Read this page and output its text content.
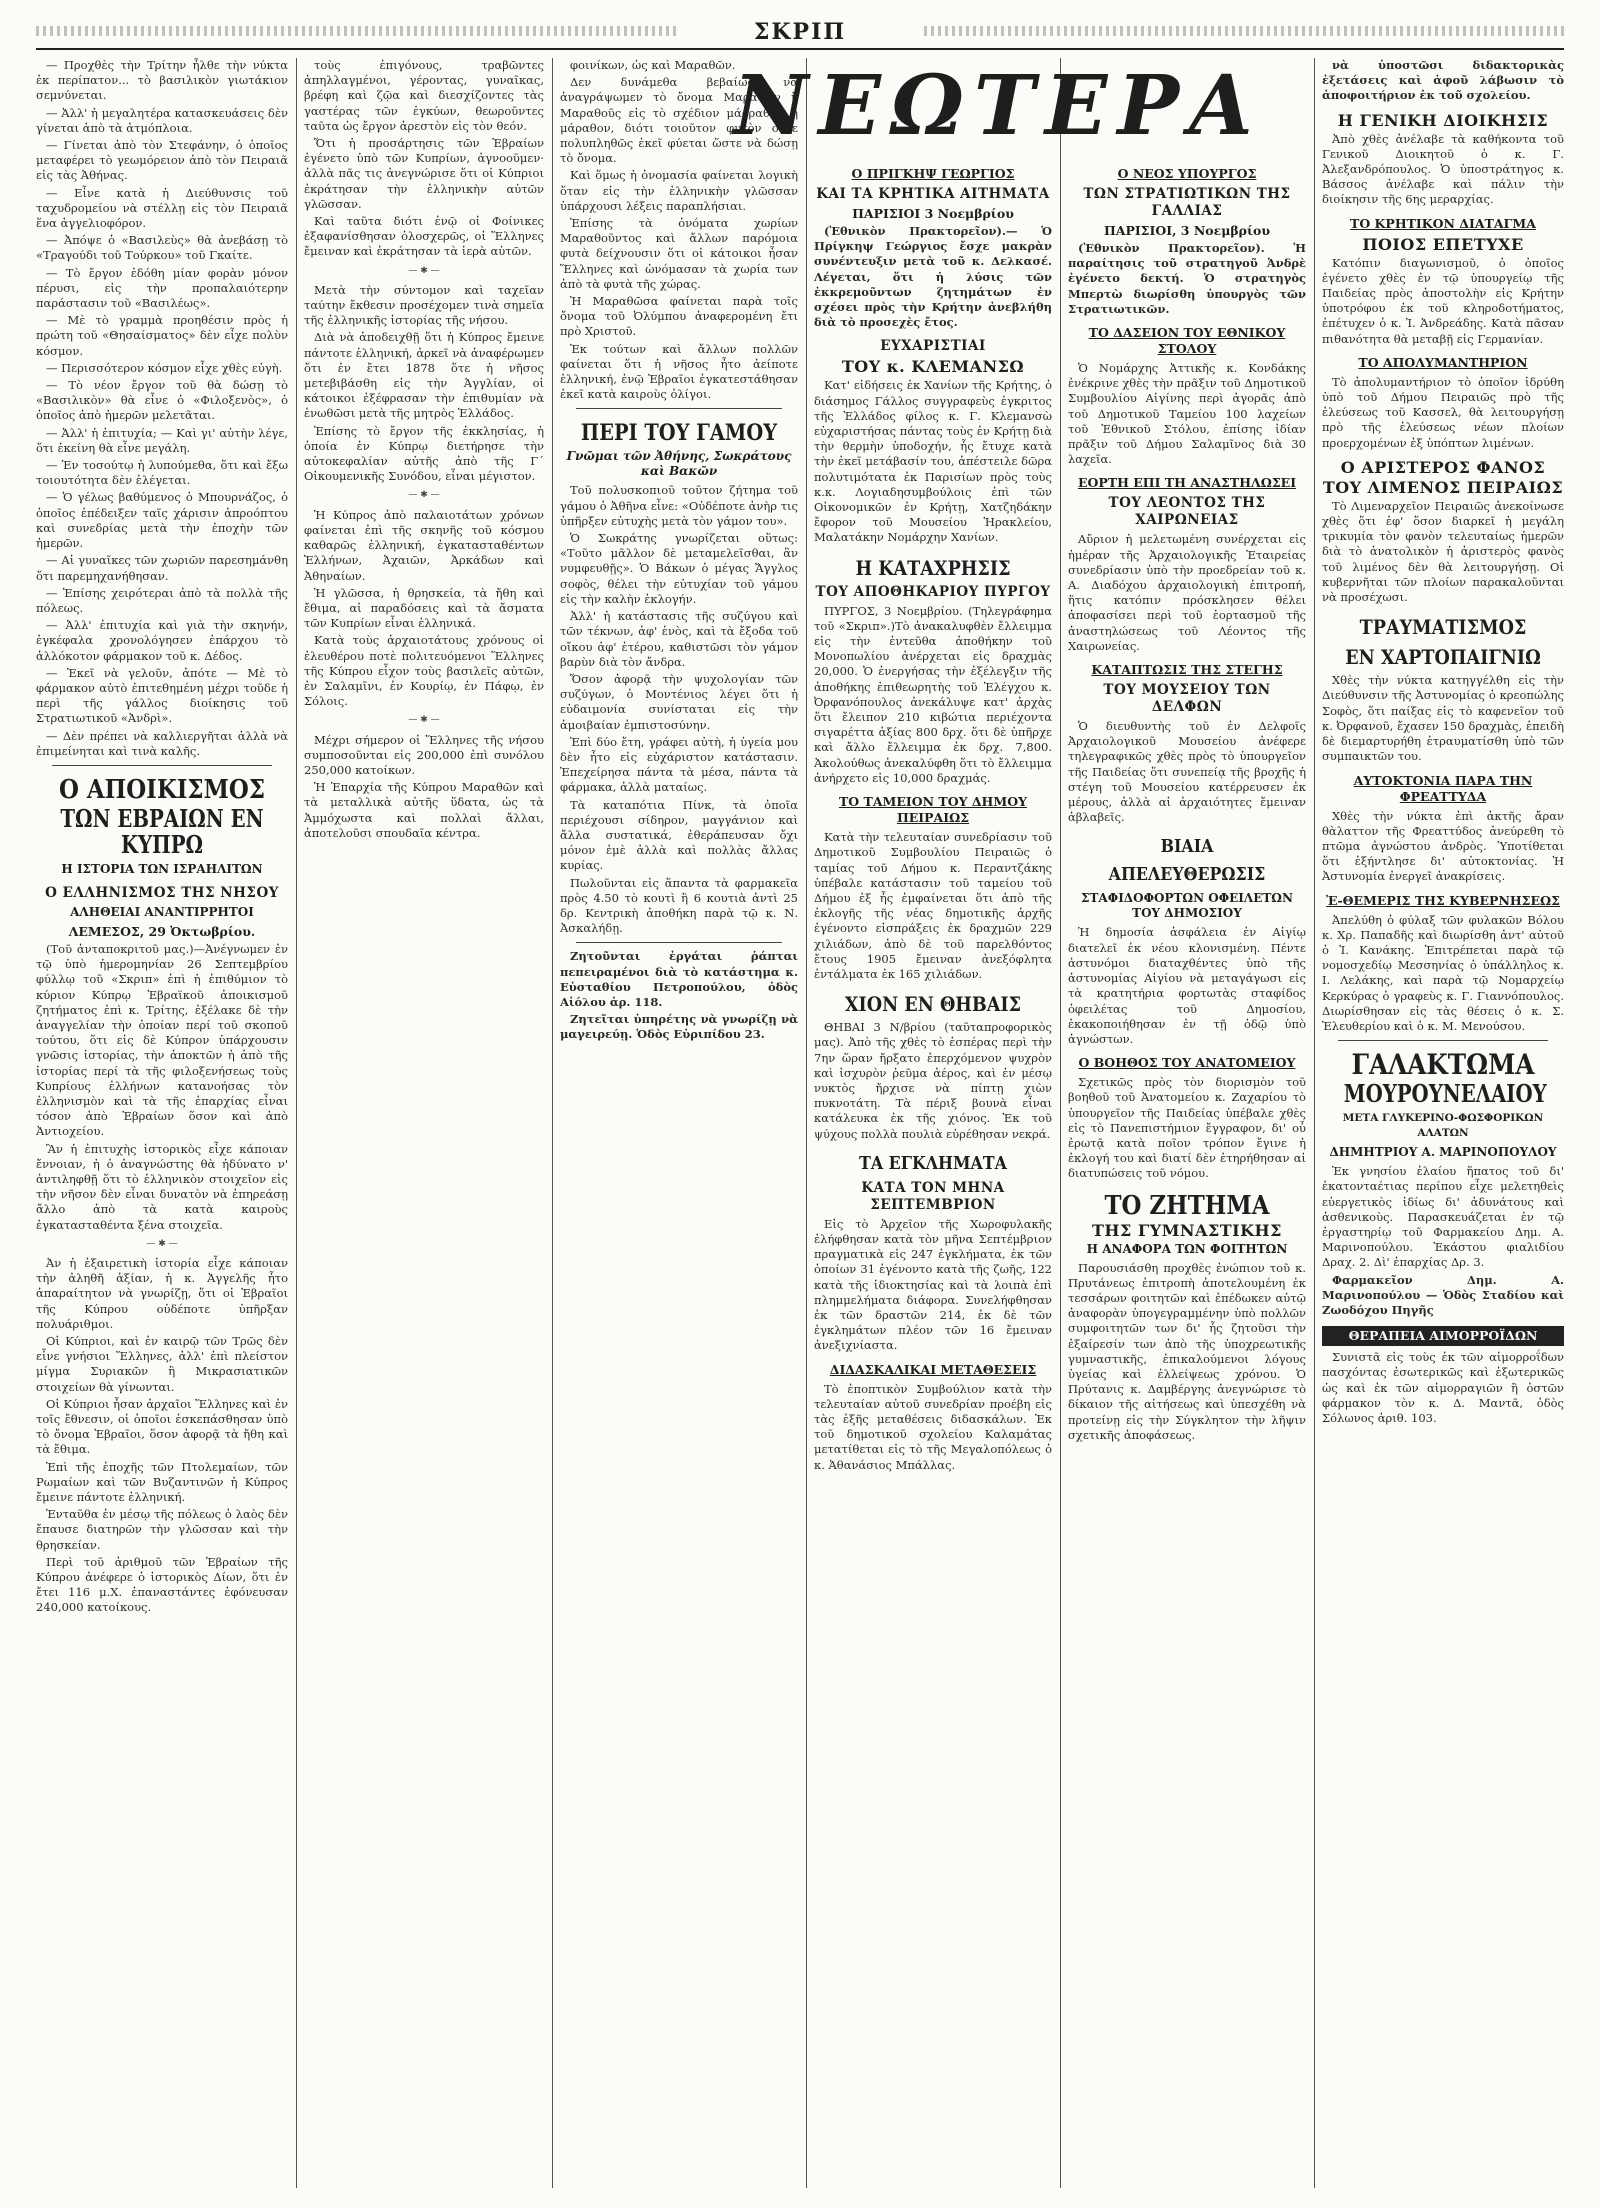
ΣΚΡΙΠ

— Προχθὲς τὴν Τρίτην ἦλθε τὴν νύκτα ἐκ περίπατον... τὸ βασιλικὸν γιωτάκιον σεμνύνεται.

— Ἀλλ' ἡ μεγαλητέρα κατασκευάσεις δὲν γίνεται ἀπὸ τὰ ἀτμόπλοια.

— Γίνεται ἀπὸ τὸν Στεφάνην, ὁ ὁποῖος μεταφέρει τὸ γεωμόρειον ἀπὸ τὸν Πειραιᾶ εἰς τὰς Ἀθήνας.

— Εἶνε κατὰ ἡ Διεύθυνσις τοῦ ταχυδρομείου νὰ στέλλῃ εἰς τὸν Πειραιᾶ ἕνα ἀγγελιοφόρον.

— Ἀπόψε ὁ «Βασιλεὺς» θὰ ἀνεβάσῃ τὸ «Τραγούδι τοῦ Τούρκου» τοῦ Γκαίτε.

— Τὸ ἔργον ἐδόθη μίαν φορὰν μόνον πέρυσι, εἰς τὴν προπαλαιότερην παράστασιν τοῦ «Βασιλέως».

— Μὲ τὸ γραμμὰ προηθέσιν πρὸς ἡ πρώτη τοῦ «Θησαίσματος» δὲν εἶχε πολὺν κόσμον.

— Περισσότερον κόσμον εἶχε χθὲς εὐγὴ.

— Τὸ νέον ἔργον τοῦ θὰ δώσῃ τὸ «Βασιλικὸν» θὰ εἶνε ὁ «Φιλοξενὸς», ὁ ὁποῖος ἀπὸ ἡμερῶν μελετᾶται.

— Ἀλλ' ἡ ἐπιτυχία; — Καὶ γι' αὐτὴν λέγε, ὅτι ἐκείνη θὰ εἶνε μεγάλη.

— Ἐν τοσούτῳ ἡ λυπούμεθα, ὅτι καὶ ἔξω τοιουτότητα δὲν ἐλέγεται.

— Ὁ γέλως βαθύμενος ὁ Μπουρνάζος, ὁ ὁποῖος ἐπέδειξεν ταῖς χάρισιν ἀπροόπτου καὶ συνεδρίας μετὰ τὴν ἐποχὴν τῶν ἡμερῶν.

— Αἱ γυναῖκες τῶν χωριῶν παρεσημάνθη ὅτι παρεμηχανήθησαν.

— Ἐπίσης χειρότεραι ἀπὸ τὰ πολλὰ τῆς πόλεως.

— Ἀλλ' ἐπιτυχία καὶ γιὰ τὴν σκηνήν, ἐγκέφαλα χρονολόγησεν ἐπάρχου τὸ ἀλλόκοτον φάρμακον τοῦ κ. Δέδος.

— Ἐκεῖ νὰ γελοῦν, ἀπότε — Μὲ τὸ φάρμακον αὐτὸ ἐπιτεθημένη μέχρι τοῦδε ἡ περὶ τῆς γάλλος διοίκησις τοῦ Στρατιωτικοῦ «Ἀνδρὶ».

— Δὲν πρέπει νὰ καλλιεργῆται ἀλλὰ νὰ ἐπιμείνηται καὶ τινὰ καλῆς.

Ο ΑΠΟΙΚΙΣΜΟΣ
ΤΩΝ ΕΒΡΑΙΩΝ ΕΝ ΚΥΠΡΩ
Η ΙΣΤΟΡΙΑ ΤΩΝ ΙΣΡΑΗΛΙΤΩΝ
Ο ΕΛΛΗΝΙΣΜΟΣ ΤΗΣ ΝΗΣΟΥ
ΑΛΗΘΕΙΑΙ ΑΝΑΝΤΙΡΡΗΤΟΙ
ΛΕΜΕΣΟΣ, 29 Ὀκτωβρίου.

(Τοῦ ἀνταποκριτοῦ μας.)—Ἀνέγνωμεν ἐν τῷ ὑπὸ ἡμερομηνίαν 26 Σεπτεμβρίου φύλλῳ τοῦ «Σκριπ» ἐπὶ ἡ ἐπιθύμιον τὸ κύριον Κύπρῳ Ἑβραϊκοῦ ἀποικισμοῦ ζητήματος ἐπὶ κ. Τρίτης, ἐξέλακε δὲ τὴν ἀναγγελίαν τὴν ὁποίαν περί τοῦ σκοποῦ τούτου, ὅτι εἰς δὲ Κύπρον ὑπάρχουσιν γνῶσις ἱστορίας, τὴν ἀποκτῶν ἡ ἀπὸ τῆς ἱστορίας περί τὰ τῆς φιλοξενήσεως τοὺς Κυπρίους ἐλλήνων κατανοήσας τὸν ἐλληνισμὸν καὶ τὰ τῆς ἐπαρχίας εἶναι τόσον ἀπὸ Ἑβραίων ὅσον καὶ ἀπὸ Ἀντιοχείου.

Ἂν ἡ ἐπιτυχὴς ἱστορικὸς εἶχε κάποιαν ἔννοιαν, ἡ ὁ ἀναγνώστης θὰ ἠδύνατο ν' ἀντιληφθῇ ὅτι τὸ ἐλληνικὸν στοιχεῖον εἰς τὴν νῆσον δὲν εἶναι δυνατὸν νὰ ἐπηρεάσῃ ἄλλο ἀπὸ τὰ κατὰ καιροὺς ἐγκατασταθέντα ξένα στοιχεῖα.

— ✱ —

Ἀν ἡ ἐξαιρετικὴ ἱστορία εἶχε κάποιαν τὴν ἀληθῆ ἀξίαν, ἡ κ. Ἀγγελῆς ἦτο ἀπαραίτητον νὰ γνωρίζῃ, ὅτι οἱ Ἑβραῖοι τῆς Κύπρου οὐδέποτε ὑπῆρξαν πολυάριθμοι.

Οἱ Κύπριοι, καὶ ἐν καιρῷ τῶν Τρῶς δὲν εἶνε γνήσιοι Ἕλληνες, ἀλλ' ἐπὶ πλείστον μίγμα Συριακῶν ἢ Μικρασιατικῶν στοιχείων θὰ γίνωνται.

Οἱ Κύπριοι ἦσαν ἀρχαῖοι Ἕλληνες καὶ ἐν τοῖς ἔθνεσιν, οἱ ὁποῖοι ἐσκεπάσθησαν ὑπὸ τὸ ὄνομα Ἑβραῖοι, ὅσον ἀφορᾷ τὰ ἤθη καὶ τὰ ἔθιμα.

Ἐπὶ τῆς ἐποχῆς τῶν Πτολεμαίων, τῶν Ρωμαίων καὶ τῶν Βυζαντινῶν ἡ Κύπρος ἔμεινε πάντοτε ἑλληνική.

Ἐνταῦθα ἐν μέσῳ τῆς πόλεως ὁ λαὸς δὲν ἔπαυσε διατηρῶν τὴν γλῶσσαν καὶ τὴν θρησκείαν.

Περὶ τοῦ ἀριθμοῦ τῶν Ἑβραίων τῆς Κύπρου ἀνέφερε ὁ ἱστορικὸς Δίων, ὅτι ἐν ἔτει 116 μ.Χ. ἐπαναστάντες ἐφόνευσαν 240,000 κατοίκους.

τοὺς ἐπιγόνους, τραβῶντες ἀπηλλαγμένοι, γέροντας, γυναῖκας, βρέφη καὶ ζῷα καὶ διεσχίζοντες τὰς γαστέρας τῶν ἐγκύων, θεωροῦντες ταῦτα ὡς ἔργον ἀρεστὸν εἰς τὸν θεόν.

Ὅτι ἡ προσάρτησις τῶν Ἑβραίων ἐγένετο ὑπὸ τῶν Κυπρίων, ἀγνοοῦμεν· ἀλλὰ πᾶς τις ἀνεγνώρισε ὅτι οἱ Κύπριοι ἐκράτησαν τὴν ἑλληνικὴν αὐτῶν γλῶσσαν.

Καὶ ταῦτα διότι ἐνῷ οἱ Φοίνικες ἐξαφανίσθησαν ὁλοσχερῶς, οἱ Ἕλληνες ἔμειναν καὶ ἐκράτησαν τὰ ἱερὰ αὐτῶν.

— ✱ —

Μετὰ τὴν σύντομον καὶ ταχεῖαν ταύτην ἔκθεσιν προσέχομεν τινὰ σημεῖα τῆς ἐλληνικῆς ἱστορίας τῆς νήσου.

Διὰ νὰ ἀποδειχθῇ ὅτι ἡ Κύπρος ἔμεινε πάντοτε ἑλληνική, ἀρκεῖ νὰ ἀναφέρωμεν ὅτι ἐν ἔτει 1878 ὅτε ἡ νῆσος μετεβιβάσθη εἰς τὴν Ἀγγλίαν, οἱ κάτοικοι ἐξέφρασαν τὴν ἐπιθυμίαν νὰ ἑνωθῶσι μετὰ τῆς μητρὸς Ἑλλάδος.

Ἐπίσης τὸ ἔργον τῆς ἐκκλησίας, ἡ ὁποία ἐν Κύπρῳ διετήρησε τὴν αὐτοκεφαλίαν αὐτῆς ἀπὸ τῆς Γ΄ Οἰκουμενικῆς Συνόδου, εἶναι μέγιστον.

— ✱ —

Ἡ Κύπρος ἀπὸ παλαιοτάτων χρόνων φαίνεται ἐπὶ τῆς σκηνῆς τοῦ κόσμου καθαρῶς ἑλληνική, ἐγκατασταθέντων Ἑλλήνων, Ἀχαιῶν, Ἀρκάδων καὶ Ἀθηναίων.

Ἡ γλῶσσα, ἡ θρησκεία, τὰ ἤθη καὶ ἔθιμα, αἱ παραδόσεις καὶ τὰ ἄσματα τῶν Κυπρίων εἶναι ἑλληνικά.

Κατὰ τοὺς ἀρχαιοτάτους χρόνους οἱ ἐλευθέρου ποτὲ πολιτευόμενοι Ἕλληνες τῆς Κύπρου εἶχον τοὺς βασιλεῖς αὐτῶν, ἐν Σαλαμῖνι, ἐν Κουρίῳ, ἐν Πάφῳ, ἐν Σόλοις.

— ✱ —

Μέχρι σήμερον οἱ Ἕλληνες τῆς νήσου συμποσοῦνται εἰς 200,000 ἐπὶ συνόλου 250,000 κατοίκων.

Ἡ Ἐπαρχία τῆς Κύπρου Μαραθῶν καὶ τὰ μεταλλικὰ αὐτῆς ὕδατα, ὡς τὰ Ἀμμόχωστα καὶ πολλαὶ ἄλλαι, ἀποτελοῦσι σπουδαῖα κέντρα.

φοινίκων, ὡς καὶ Μαραθῶν.

Δεν δυνάμεθα βεβαίως νὰ ἀναγράψωμεν τὸ ὄνομα Μαραθὼν ἢ Μαραθοῦς εἰς τὸ σχέδιον μάρραθον ἢ μάραθον, διότι τοιοῦτον φυτὸν οὔτε πολυπληθῶς ἐκεῖ φύεται ὥστε νὰ δώσῃ τὸ ὄνομα.

Καὶ ὅμως ἡ ὀνομασία φαίνεται λογικὴ ὅταν εἰς τὴν ἑλληνικὴν γλῶσσαν ὑπάρχουσι λέξεις παραπλήσιαι.

Ἐπίσης τὰ ὀνόματα χωρίων Μαραθοῦντος καὶ ἄλλων παρόμοια φυτὰ δείχνουσιν ὅτι οἱ κάτοικοι ἦσαν Ἕλληνες καὶ ὠνόμασαν τὰ χωρία των ἀπὸ τὰ φυτὰ τῆς χώρας.

Ἡ Μαραθῶσα φαίνεται παρὰ τοῖς ὄνομα τοῦ Ὀλύμπου ἀναφερομένη ἔτι πρὸ Χριστοῦ.

Ἐκ τούτων καὶ ἄλλων πολλῶν φαίνεται ὅτι ἡ νῆσος ἦτο ἀείποτε ἑλληνική, ἐνῷ Ἑβραῖοι ἐγκατεστάθησαν ἐκεῖ κατὰ καιροὺς ὀλίγοι.

ΠΕΡΙ ΤΟΥ ΓΑΜΟΥ
Γνῶμαι τῶν Ἀθήνης, Σωκράτους καὶ Βακῶν

Τοῦ πολυσκοπιοῦ τοῦτον ζήτημα τοῦ γάμου ὁ Ἀθῆνα εἶνε: «Οὐδέποτε ἀνὴρ τις ὑπῆρξεν εὐτυχὴς μετὰ τὸν γάμον του».

Ὁ Σωκράτης γνωρίζεται οὕτως: «Τοῦτο μᾶλλον δὲ μεταμελεῖσθαι, ἂν νυμφευθῇς». Ὁ Βάκων ὁ μέγας Ἄγγλος σοφὸς, θέλει τὴν εὐτυχίαν τοῦ γάμου εἰς τὴν καλὴν ἐκλογήν.

Ἀλλ' ἡ κατάστασις τῆς συζύγου καὶ τῶν τέκνων, ἀφ' ἑνὸς, καὶ τὰ ἔξοδα τοῦ οἴκου ἀφ' ἑτέρου, καθιστῶσι τὸν γάμον βαρὺν διὰ τὸν ἄνδρα.

Ὅσον ἀφορᾷ τὴν ψυχολογίαν τῶν συζύγων, ὁ Μοντένιος λέγει ὅτι ἡ εὐδαιμονία συνίσταται εἰς τὴν ἀμοιβαίαν ἐμπιστοσύνην.

Ἐπὶ δύο ἔτη, γράφει αὐτὴ, ἡ ὑγεία μου δὲν ἦτο εἰς εὐχάριστον κατάστασιν. Ἐπεχείρησα πάντα τὰ μέσα, πάντα τὰ φάρμακα, ἀλλὰ ματαίως.

Τὰ καταπότια Πίνκ, τὰ ὁποῖα περιέχουσι σίδηρον, μαγγάνιον καὶ ἄλλα συστατικά, ἐθεράπευσαν ὄχι μόνον ἐμὲ ἀλλὰ καὶ πολλὰς ἄλλας κυρίας.

Πωλοῦνται εἰς ἅπαντα τὰ φαρμακεῖα πρὸς 4.50 τὸ κουτὶ ἢ 6 κουτιὰ ἀντὶ 25 δρ. Κεντρικὴ ἀποθήκη παρὰ τῷ κ. Ν. Ἀσκαλήδῃ.

Ζητοῦνται ἐργάται ῥάπται πεπειραμένοι διὰ τὸ κατάστημα κ. Εὐσταθίου Πετροπούλου, ὁδὸς Αἰόλου ἀρ. 118.

Ζητεῖται ὑπηρέτης νὰ γνωρίζῃ νὰ μαγειρεύῃ. Ὁδὸς Εὐριπίδου 23.

ΝΕΩΤΕΡΑ
Ο ΠΡΙΓΚΗΨ ΓΕΩΡΓΙΟΣ
ΚΑΙ ΤΑ ΚΡΗΤΙΚΑ ΑΙΤΗΜΑΤΑ
ΠΑΡΙΣΙΟΙ 3 Νοεμβρίου

(Ἐθνικὸν Πρακτορεῖον).— Ὁ Πρίγκηψ Γεώργιος ἔσχε μακρὰν συνέντευξιν μετὰ τοῦ κ. Δελκασέ. Λέγεται, ὅτι ἡ λύσις τῶν ἐκκρεμοῦντων ζητημάτων ἐν σχέσει πρὸς τὴν Κρήτην ἀνεβλήθη διὰ τὸ προσεχὲς ἔτος.

ΕΥΧΑΡΙΣΤΙΑΙ
ΤΟΥ κ. ΚΛΕΜΑΝΣΩ

Κατ' εἰδήσεις ἐκ Χανίων τῆς Κρήτης, ὁ διάσημος Γάλλος συγγραφεὺς ἐγκριτος τῆς Ἑλλάδος φίλος κ. Γ. Κλεμανσὼ εὐχαριστήσας πάντας τοὺς ἐν Κρήτῃ διὰ τὴν θερμὴν ὑποδοχήν, ἧς ἔτυχε κατὰ τὴν ἐκεῖ μετάβασίν του, ἀπέστειλε δῶρα πολυτιμότατα ἐκ Παρισίων πρὸς τοὺς κ.κ. Λογιαδησυμβούλοις ἐπὶ τῶν Οἰκονομικῶν ἐν Κρήτῃ, Χατζηδάκην ἔφορον τοῦ Μουσείου Ἡρακλείου, Μαλατάκην Νομάρχην Χανίων.

Η ΚΑΤΑΧΡΗΣΙΣ
ΤΟΥ ΑΠΟΘΗΚΑΡΙΟΥ ΠΥΡΓΟΥ

ΠΥΡΓΟΣ, 3 Νοεμβρίου. (Τηλεγράφημα τοῦ «Σκριπ».)Τὸ ἀνακαλυφθὲν ἔλλειμμα εἰς τὴν ἐντεῦθα ἀποθήκην τοῦ Μονοπωλίου ἀνέρχεται εἰς δραχμὰς 20,000. Ὁ ἐνεργήσας τὴν ἐξέλεγξιν τῆς ἀποθήκης ἐπιθεωρητὴς τοῦ Ἐλέγχου κ. Ὀρφανόπουλος ἀνεκάλυψε κατ' ἀρχὰς ὅτι ἔλειπον 210 κιβώτια περιέχοντα σιγαρέττα ἀξίας 800 δρχ. ὅτι δὲ ὑπῆρχε καὶ ἄλλο ἔλλειμμα ἐκ δρχ. 7,800. Ἀκολούθως ἀνεκαλύφθη ὅτι τὸ ἔλλειμμα ἀνήρχετο εἰς 10,000 δραχμάς.

ΤΟ ΤΑΜΕΙΟΝ ΤΟΥ ΔΗΜΟΥ ΠΕΙΡΑΙΩΣ

Κατὰ τὴν τελευταίαν συνεδρίασιν τοῦ Δημοτικοῦ Συμβουλίου Πειραιῶς ὁ ταμίας τοῦ Δήμου κ. Περαντζάκης ὑπέβαλε κατάστασιν τοῦ ταμείου τοῦ Δήμου ἐξ ἧς ἐμφαίνεται ὅτι ἀπὸ τῆς ἐκλογῆς τῆς νέας δημοτικῆς ἀρχῆς ἐγένοντο εἰσπράξεις ἐκ δραχμῶν 229 χιλιάδων, ἀπὸ δὲ τοῦ παρελθόντος ἔτους 1905 ἔμειναν ἀνεξόφλητα ἐντάλματα ἐκ 165 χιλιάδων.

ΧΙΟΝ ΕΝ ΘΗΒΑΙΣ

ΘΗΒΑΙ 3 Ν/βρίου (ταῦταπροφορικὸς μας). Ἀπὸ τῆς χθὲς τὸ ἑσπέρας περὶ τὴν 7ην ὥραν ἤρξατο ἐπερχόμενον ψυχρὸν καὶ ἰσχυρὸν ῥεῦμα ἀέρος, καὶ ἐν μέσῳ νυκτὸς ἤρχισε νὰ πίπτῃ χιὼν πυκνοτάτη. Τὰ πέριξ βουνὰ εἶναι κατάλευκα ἐκ τῆς χιόνος. Ἐκ τοῦ ψύχους πολλὰ πουλιὰ εὑρέθησαν νεκρά.

ΤΑ ΕΓΚΛΗΜΑΤΑ
ΚΑΤΑ ΤΟΝ ΜΗΝΑ ΣΕΠΤΕΜΒΡΙΟΝ

Εἰς τὸ Ἀρχεῖον τῆς Χωροφυλακῆς ἐλήφθησαν κατὰ τὸν μῆνα Σεπτέμβριον πραγματικὰ εἰς 247 ἐγκλήματα, ἐκ τῶν ὁποίων 31 ἐγένοντο κατὰ τῆς ζωῆς, 122 κατὰ τῆς ἰδιοκτησίας καὶ τὰ λοιπὰ ἐπὶ πλημμελήματα διάφορα. Συνελήφθησαν ἐκ τῶν δραστῶν 214, ἐκ δὲ τῶν ἐγκλημάτων πλέον τῶν 16 ἔμειναν ἀνεξιχνίαστα.

ΔΙΔΑΣΚΑΛΙΚΑΙ ΜΕΤΑΘΕΣΕΙΣ

Τὸ ἐποπτικὸν Συμβούλιον κατὰ τὴν τελευταίαν αὐτοῦ συνεδρίαν προέβη εἰς τὰς ἑξῆς μεταθέσεις διδασκάλων. Ἐκ τοῦ δημοτικοῦ σχολείου Καλαμάτας μετατίθεται εἰς τὸ τῆς Μεγαλοπόλεως ὁ κ. Ἀθανάσιος Μπάλλας.

Ο ΝΕΟΣ ΥΠΟΥΡΓΟΣ
ΤΩΝ ΣΤΡΑΤΙΩΤΙΚΩΝ ΤΗΣ ΓΑΛΛΙΑΣ
ΠΑΡΙΣΙΟΙ, 3 Νοεμβρίου

(Ἐθνικὸν Πρακτορεῖον). Ἡ παραίτησις τοῦ στρατηγοῦ Ἀνδρὲ ἐγένετο δεκτή. Ὁ στρατηγὸς Μπερτὼ διωρίσθη ὑπουργὸς τῶν Στρατιωτικῶν.

ΤΟ ΔΑΣΕΙΟΝ ΤΟΥ ΕΘΝΙΚΟΥ ΣΤΟΛΟΥ

Ὁ Νομάρχης Ἀττικῆς κ. Κονδάκης ἐνέκρινε χθὲς τὴν πρᾶξιν τοῦ Δημοτικοῦ Συμβουλίου Αἰγίνης περὶ ἀγορᾶς ἀπὸ τοῦ Δημοτικοῦ Ταμείου 100 λαχείων τοῦ Ἐθνικοῦ Στόλου, ἐπίσης ἰδίαν πρᾶξιν τοῦ Δήμου Σαλαμῖνος διὰ 30 λαχεῖα.

ΕΟΡΤΗ ΕΠΙ ΤΗ ΑΝΑΣΤΗΛΩΣΕΙ
ΤΟΥ ΛΕΟΝΤΟΣ ΤΗΣ ΧΑΙΡΩΝΕΙΑΣ

Αὔριον ἡ μελετωμένη συνέρχεται εἰς ἡμέραν τῆς Ἀρχαιολογικῆς Ἑταιρείας συνεδρίασιν ὑπὸ τὴν προεδρείαν τοῦ κ. Α. Διαδόχου ἀρχαιολογικὴ ἐπιτροπή, ἥτις κατόπιν πρόσκλησεν θέλει ἀποφασίσει περὶ τοῦ ἑορτασμοῦ τῆς ἀναστηλώσεως τοῦ Λέοντος τῆς Χαιρωνείας.

ΚΑΤΑΠΤΩΣΙΣ ΤΗΣ ΣΤΕΓΗΣ
ΤΟΥ ΜΟΥΣΕΙΟΥ ΤΩΝ ΔΕΛΦΩΝ

Ὁ διευθυντὴς τοῦ ἐν Δελφοῖς Ἀρχαιολογικοῦ Μουσείου ἀνέφερε τηλεγραφικῶς χθὲς πρὸς τὸ ὑπουργεῖον τῆς Παιδείας ὅτι συνεπείᾳ τῆς βροχῆς ἡ στέγη τοῦ Μουσείου κατέρρευσεν ἐκ μέρους, ἀλλὰ αἱ ἀρχαιότητες ἔμειναν ἀβλαβεῖς.

ΒΙΑΙΑ ΑΠΕΛΕΥΘΕΡΩΣΙΣ
ΣΤΑΦΙΔΟΦΟΡΤΩΝ ΟΦΕΙΛΕΤΩΝ ΤΟΥ ΔΗΜΟΣΙΟΥ

Ἡ δημοσία ἀσφάλεια ἐν Αἰγίῳ διατελεῖ ἐκ νέου κλονισμένη. Πέντε ἀστυνόμοι διαταχθέντες ὑπὸ τῆς ἀστυνομίας Αἰγίου νὰ μεταγάγωσι εἰς τὰ κρατητήρια φορτωτὰς σταφίδος ὀφειλέτας τοῦ Δημοσίου, ἐκακοποιήθησαν ἐν τῇ ὁδῷ ὑπὸ ἀγνώστων.

Ο ΒΟΗΘΟΣ ΤΟΥ ΑΝΑΤΟΜΕΙΟΥ

Σχετικῶς πρὸς τὸν διορισμὸν τοῦ βοηθοῦ τοῦ Ἀνατομείου κ. Ζαχαρίου τὸ ὑπουργεῖον τῆς Παιδείας ὑπέβαλε χθὲς εἰς τὸ Πανεπιστήμιον ἔγγραφον, δι' οὗ ἐρωτᾷ κατὰ ποῖον τρόπον ἔγινε ἡ ἐκλογή του καὶ διατί δὲν ἐτηρήθησαν αἱ διατυπώσεις τοῦ νόμου.

ΤΟ ΖΗΤΗΜΑ
ΤΗΣ ΓΥΜΝΑΣΤΙΚΗΣ
Η ΑΝΑΦΟΡΑ ΤΩΝ ΦΟΙΤΗΤΩΝ

Παρουσιάσθη προχθὲς ἐνώπιον τοῦ κ. Πρυτάνεως ἐπιτροπὴ ἀποτελουμένη ἐκ τεσσάρων φοιτητῶν καὶ ἐπέδωκεν αὐτῷ ἀναφορὰν ὑπογεγραμμένην ὑπὸ πολλῶν συμφοιτητῶν των δι' ἧς ζητοῦσι τὴν ἐξαίρεσίν των ἀπὸ τῆς ὑποχρεωτικῆς γυμναστικῆς, ἐπικαλούμενοι λόγους ὑγείας καὶ ἐλλείψεως χρόνου. Ὁ Πρύτανις κ. Δαμβέργης ἀνεγνώρισε τὸ δίκαιον τῆς αἰτήσεως καὶ ὑπεσχέθη νὰ προτείνῃ εἰς τὴν Σύγκλητον τὴν λῆψιν σχετικῆς ἀποφάσεως.

νὰ ὑποστῶσι διδακτορικὰς ἐξετάσεις καὶ ἀφοῦ λάβωσιν τὸ ἀποφοιτήριον ἐκ τοῦ σχολείου.

Η ΓΕΝΙΚΗ ΔΙΟΙΚΗΣΙΣ

Ἀπὸ χθὲς ἀνέλαβε τὰ καθήκοντα τοῦ Γενικοῦ Διοικητοῦ ὁ κ. Γ. Ἀλεξανδρόπουλος. Ὁ ὑποστράτηγος κ. Βάσσος ἀνέλαβε καὶ πάλιν τὴν διοίκησιν τῆς 6ης μεραρχίας.

ΤΟ ΚΡΗΤΙΚΟΝ ΔΙΑΤΑΓΜΑ
ΠΟΙΟΣ ΕΠΕΤΥΧΕ

Κατόπιν διαγωνισμοῦ, ὁ ὁποῖος ἐγένετο χθὲς ἐν τῷ ὑπουργείῳ τῆς Παιδείας πρὸς ἀποστολὴν εἰς Κρήτην ὑποτρόφου ἐκ τοῦ κληροδοτήματος, ἐπέτυχεν ὁ κ. Ἰ. Ἀνδρεάδης. Κατὰ πᾶσαν πιθανότητα θὰ μεταβῇ εἰς Γερμανίαν.

ΤΟ ΑΠΟΛΥΜΑΝΤΗΡΙΟΝ

Τὸ ἀπολυμαντήριον τὸ ὁποῖον ἱδρύθη ὑπὸ τοῦ Δήμου Πειραιῶς πρὸ τῆς ἐλεύσεως τοῦ Κασσελ, θὰ λειτουργήσῃ πρὸ τῆς ἐλεύσεως νέων πλοίων προερχομένων ἐξ ὑπόπτων λιμένων.

Ο ΑΡΙΣΤΕΡΟΣ ΦΑΝΟΣ
ΤΟΥ ΛΙΜΕΝΟΣ ΠΕΙΡΑΙΩΣ

Τὸ Λιμεναρχεῖον Πειραιῶς ἀνεκοίνωσε χθὲς ὅτι ἐφ' ὅσον διαρκεῖ ἡ μεγάλη τρικυμία τὸν φανὸν τελευταίως ἡμερῶν διὰ τὸ ἀνατολικὸν ἡ ἀριστερὸς φανὸς τοῦ λιμένος δὲν θὰ λειτουργήσῃ. Οἱ κυβερνῆται τῶν πλοίων παρακαλοῦνται νὰ προσέχωσι.

ΤΡΑΥΜΑΤΙΣΜΟΣ
ΕΝ ΧΑΡΤΟΠΑΙΓΝΙΩ

Χθὲς τὴν νύκτα κατηγγέλθη εἰς τὴν Διεύθυνσιν τῆς Ἀστυνομίας ὁ κρεοπώλης Σοφὸς, ὅτι παίξας εἰς τὸ καφενεῖον τοῦ κ. Ὀρφανοῦ, ἔχασεν 150 δραχμὰς, ἐπειδὴ δὲ διεμαρτυρήθη ἐτραυματίσθη ὑπὸ τῶν συμπαικτῶν του.

ΑΥΤΟΚΤΟΝΙΑ ΠΑΡΑ ΤΗΝ ΦΡΕΑΤΤΥΔΑ

Χθὲς τὴν νύκτα ἐπὶ ἀκτῆς ἄραν θὰλαττον τῆς Φρεαττύδος ἀνεύρεθη τὸ πτῶμα ἀγνώστου ἀνδρὸς. Ὑποτίθεται ὅτι ἐξήντλησε δι' αὐτοκτονίας. Ἡ Ἀστυνομία ἐνεργεῖ ἀνακρίσεις.

Ἐ-ΘΕΜΕΡΙΣ ΤΗΣ ΚΥΒΕΡΝΗΣΕΩΣ

Ἀπελύθη ὁ φύλαξ τῶν φυλακῶν Βόλου κ. Χρ. Παπαδῆς καὶ διωρίσθη ἀντ' αὐτοῦ ὁ Ἰ. Κανάκης. Ἐπιτρέπεται παρὰ τῷ νομοσχεδίῳ Μεσσηνίας ὁ ὑπάλληλος κ. Ι. Λελάκης, καὶ παρὰ τῷ Νομαρχείῳ Κερκύρας ὁ γραφεὺς κ. Γ. Γιαννόπουλος. Διωρίσθησαν εἰς τὰς θέσεις ὁ κ. Σ. Ἐλευθερίου καὶ ὁ κ. Μ. Μενούσου.

ΓΑΛΑΚΤΩΜΑ
ΜΟΥΡΟΥΝΕΛΑΙΟΥ
ΜΕΤΑ ΓΛΥΚΕΡΙΝΟ-ΦΩΣΦΟΡΙΚΩΝ ΑΛΑΤΩΝ
ΔΗΜΗΤΡΙΟΥ Α. ΜΑΡΙΝΟΠΟΥΛΟΥ

Ἐκ γνησίου ἐλαίου ἥπατος τοῦ δι' ἑκατονταέτιας περίπου εἶχε μελετηθεὶς εὐεργετικὸς ἰδίως δι' ἀδυνάτους καὶ ἀσθενικοὺς. Παρασκευάζεται ἐν τῷ ἐργαστηρίῳ τοῦ Φαρμακείου Δημ. Α. Μαρινοπούλου. Ἐκάστου φιαλιδίου Δραχ. 2. Δὶ' ἐπαρχίας Δρ. 3.

Φαρμακεῖον Δημ. Α. Μαρινοπούλου — Ὁδὸς Σταδίου καὶ Ζωοδόχου Πηγῆς

ΘΕΡΑΠΕΙΑ ΑΙΜΟΡΡΟΪΔΩΝ

Συνιστᾶ εἰς τοὺς ἐκ τῶν αἱμορροΐδων πασχόντας ἐσωτερικῶς καὶ ἐξωτερικῶς ὡς καὶ ἐκ τῶν αἱμορραγιῶν ἢ ὀστῶν φάρμακον τὸν κ. Δ. Μαντᾶ, ὁδὸς Σόλωνος ἀριθ. 103.
